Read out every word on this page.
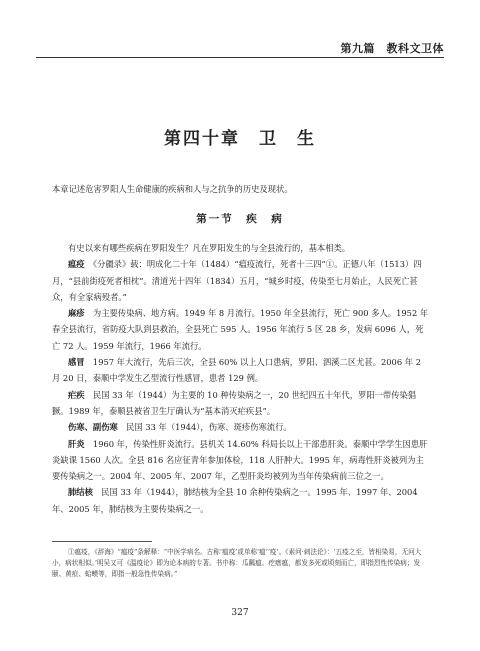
第九篇　教科文卫体
第四十章　卫　生
本章记述危害罗阳人生命健康的疾病和人与之抗争的历史及现状。
第一节　疾　病

有史以来有哪些疾病在罗阳发生？凡在罗阳发生的与全县流行的，基本相类。

瘟疫　 《分疆录》载：明成化二十年（1484）“瘟疫流行，死者十三四”①。正德八年（1513）四月，“县前街疫死者相枕”。清道光十四年（1834）五月，“城乡时疫，传染至七月始止，人民死亡甚众，有全家病殁者。”

麻疹　 为主要传染病、地方病。1949 年 8 月流行。1950 年全县流行，死亡 900 多人。1952 年春全县流行，省防疫大队到县救治，全县死亡 595 人。1956 年流行 5 区 28 乡，发病 6096 人，死亡 72 人。1959 年流行，1966 年流行。

感冒　 1957 年大流行，先后三次，全县 60% 以上人口患病，罗阳、泗溪二区尤甚。2006 年 2 月 20 日，泰顺中学发生乙型流行性感冒，患者 129 例。

疟疾　 民国 33 年（1944）为主要的 10 种传染病之一，20 世纪四五十年代，罗阳一带传染猖獗。1989 年，泰顺县被省卫生厅确认为“基本消灭疟疾县”。

伤寒、副伤寒　 民国 33 年（1944），伤寒、斑疹伤寒流行。

肝炎　 1960 年，传染性肝炎流行。县机关 14.60% 科局长以上干部患肝炎。泰顺中学学生因患肝炎缺课 1560 人次。全县 816 名应征青年参加体检，118 人肝肿大。1995 年，病毒性肝炎被列为主要传染病之一。2004 年、2005 年、2007 年，乙型肝炎均被列为当年传染病前三位之一。

肺结核　 民国 33 年（1944），肺结核为全县 10 余种传染病之一。1995 年、1997 年、2004 年、2005 年，肺结核为主要传染病之一。

①瘟疫，《辞海》“瘟疫”条解释：“中医学病名。古称‘瘟疫’或单称‘瘟’‘疫’。《素问·刺法论》：‘五疫之至，皆相染易，无问大小，病状相似。’明吴又可《温疫论》即为论本病的专著。书中称：瓜瓤瘟、疙瘩瘟，都发多死或顷刻而亡，即指烈性传染病；发颐、黄疸、蛤蟆等，即指一般急性传染病。”
327
